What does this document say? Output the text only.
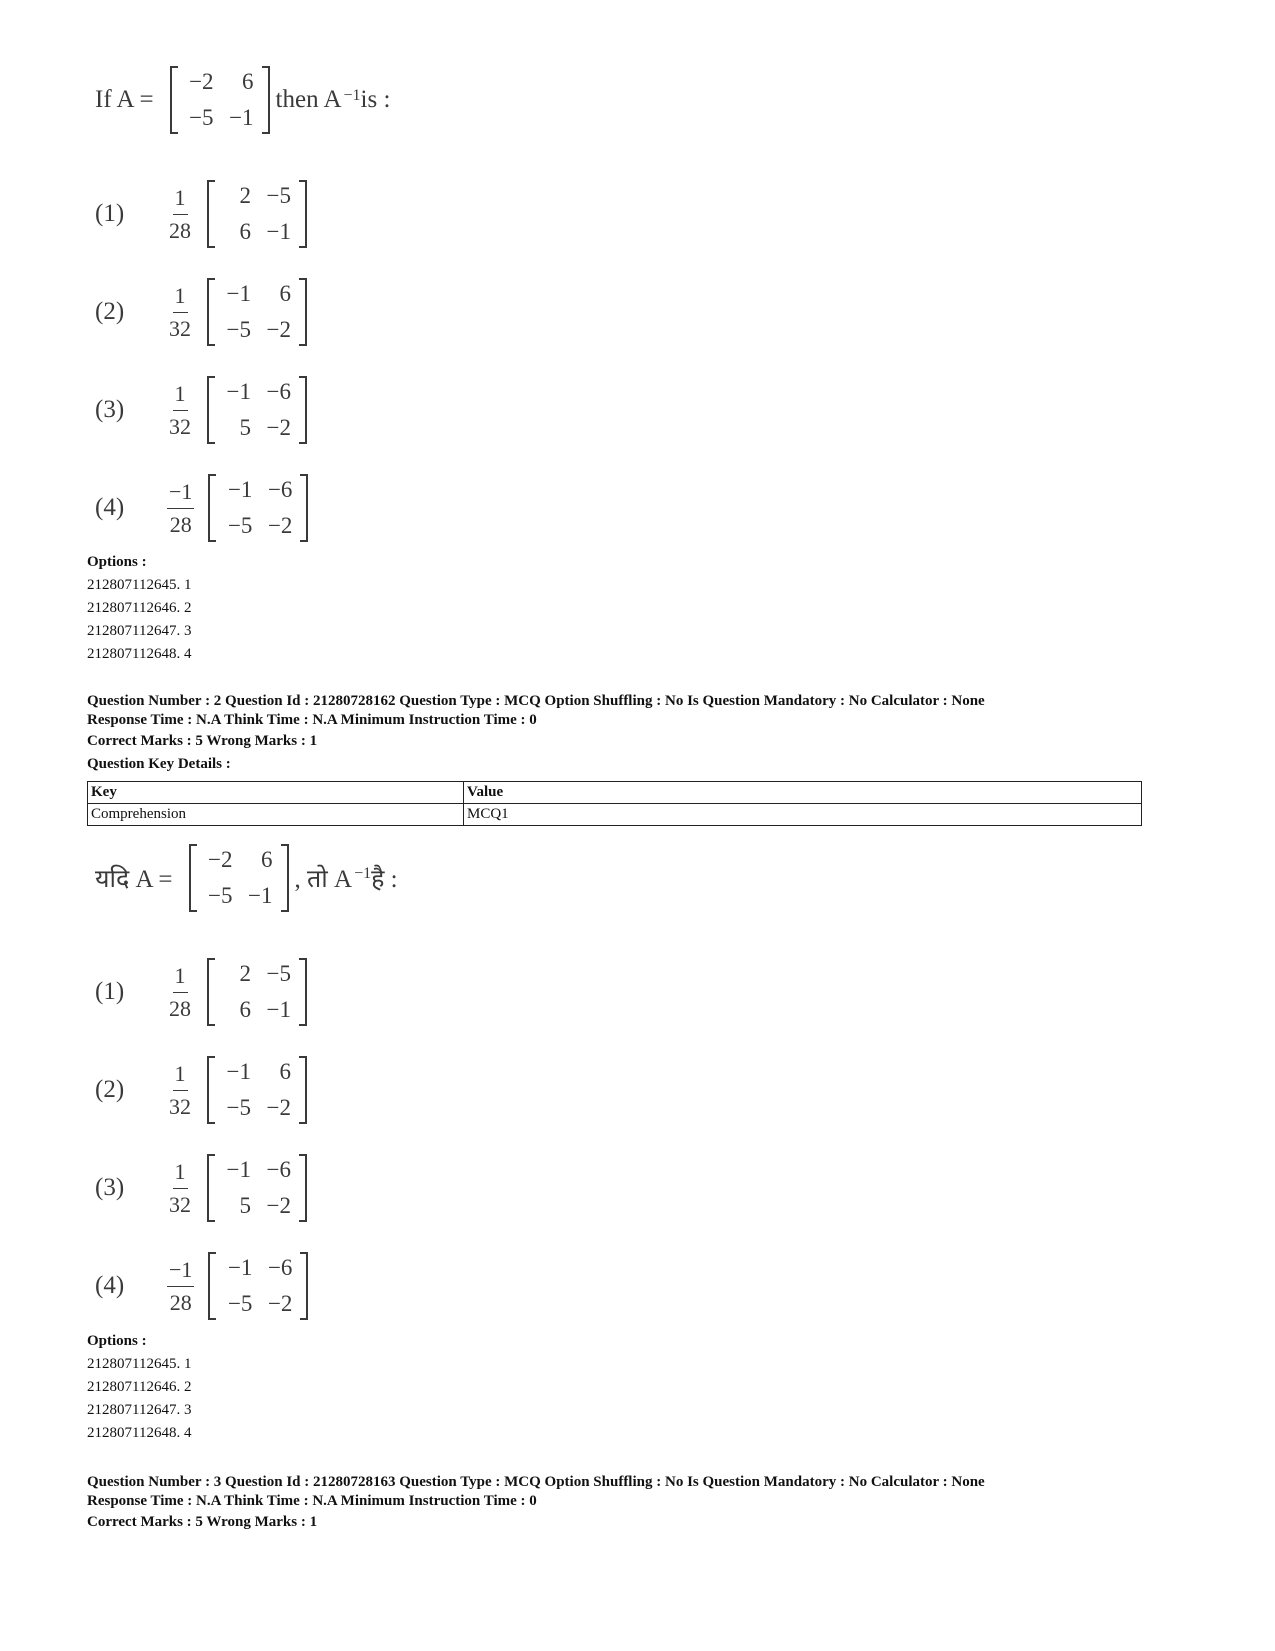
If A =
−2	6
−5	−1
then A −1 is :
(1)	$\frac{1}{28} 2$	−5
6	−1
(2)	$\frac{1}{32} -1$	6
−5	−2
(3)	$\frac{1}{32} -1$	−6
5	−2
(4)	$\frac{-1}{28} -1$	−6
−5	−2
Options :
212807112645. 1
212807112646. 2
212807112647. 3
212807112648. 4
Question Number : 2 Question Id : 21280728162 Question Type : MCQ Option Shuffling : No Is Question Mandatory : No Calculator : None
Response Time : N.A Think Time : N.A Minimum Instruction Time : 0
Correct Marks : 5 Wrong Marks : 1
Question Key Details :
Key	Value
Comprehension	MCQ1
यदि A =
−2	6
−5	−1
, तो A −1 है :
(1)	$\frac{1}{28} 2$	−5
6	−1
(2)	$\frac{1}{32} -1$	6
−5	−2
(3)	$\frac{1}{32} -1$	−6
5	−2
(4)	$\frac{-1}{28} -1$	−6
−5	−2
Options :
212807112645. 1
212807112646. 2
212807112647. 3
212807112648. 4
Question Number : 3 Question Id : 21280728163 Question Type : MCQ Option Shuffling : No Is Question Mandatory : No Calculator : None
Response Time : N.A Think Time : N.A Minimum Instruction Time : 0
Correct Marks : 5 Wrong Marks : 1
